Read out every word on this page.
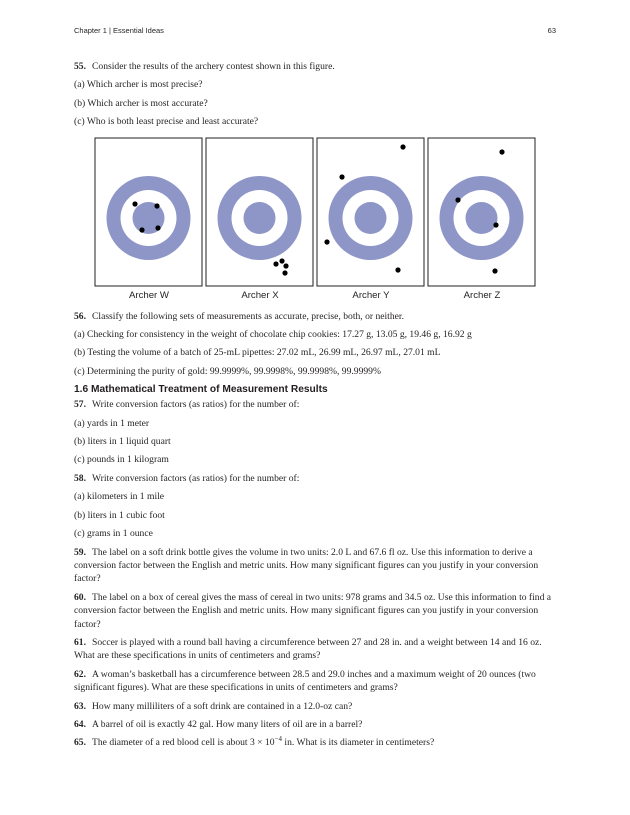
Chapter 1 | Essential Ideas	63

55. Consider the results of the archery contest shown in this figure.

(a) Which archer is most precise?

(b) Which archer is most accurate?

(c) Who is both least precise and least accurate?

Archer W	Archer X	Archer Y	Archer Z

56. Classify the following sets of measurements as accurate, precise, both, or neither.

(a) Checking for consistency in the weight of chocolate chip cookies: 17.27 g, 13.05 g, 19.46 g, 16.92 g

(b) Testing the volume of a batch of 25-mL pipettes: 27.02 mL, 26.99 mL, 26.97 mL, 27.01 mL

(c) Determining the purity of gold: 99.9999%, 99.9998%, 99.9998%, 99.9999%

1.6 Mathematical Treatment of Measurement Results

57. Write conversion factors (as ratios) for the number of:

(a) yards in 1 meter

(b) liters in 1 liquid quart

(c) pounds in 1 kilogram

58. Write conversion factors (as ratios) for the number of:

(a) kilometers in 1 mile

(b) liters in 1 cubic foot

(c) grams in 1 ounce

59. The label on a soft drink bottle gives the volume in two units: 2.0 L and 67.6 fl oz. Use this information to derive a conversion factor between the English and metric units. How many significant figures can you justify in your conversion factor?

60. The label on a box of cereal gives the mass of cereal in two units: 978 grams and 34.5 oz. Use this information to find a conversion factor between the English and metric units. How many significant figures can you justify in your conversion factor?

61. Soccer is played with a round ball having a circumference between 27 and 28 in. and a weight between 14 and 16 oz. What are these specifications in units of centimeters and grams?

62. A woman’s basketball has a circumference between 28.5 and 29.0 inches and a maximum weight of 20 ounces (two significant figures). What are these specifications in units of centimeters and grams?

63. How many milliliters of a soft drink are contained in a 12.0-oz can?

64. A barrel of oil is exactly 42 gal. How many liters of oil are in a barrel?

65. The diameter of a red blood cell is about $3 \times 10^{-4}$ in. What is its diameter in centimeters?
